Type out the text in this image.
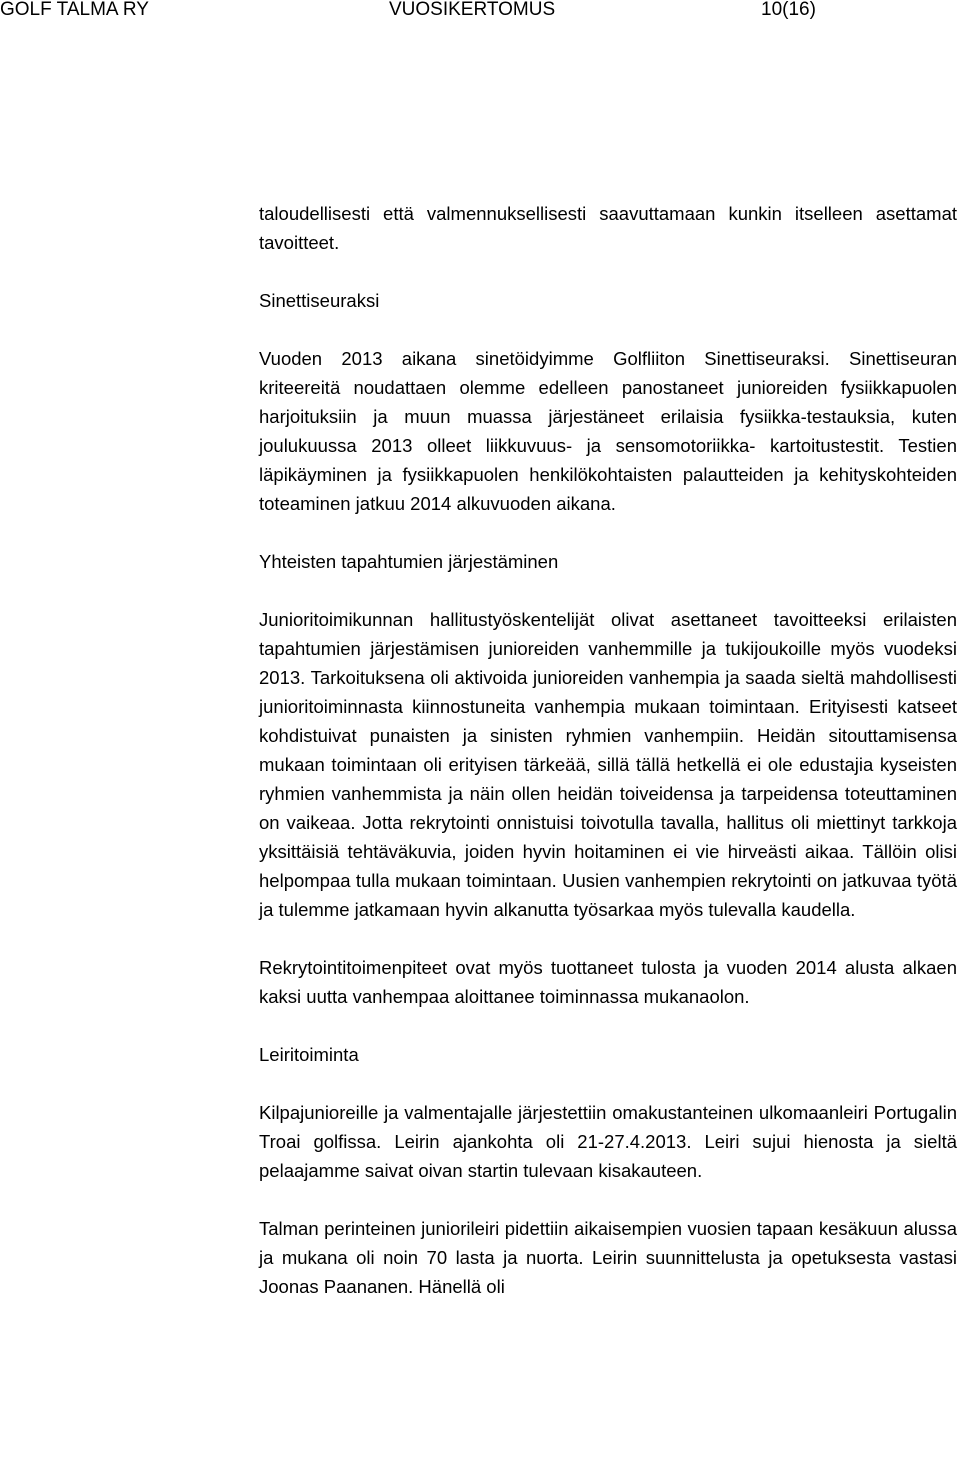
GOLF TALMA RY	VUOSIKERTOMUS	10(16)

taloudellisesti että valmennuksellisesti saavuttamaan kunkin itselleen asettamat tavoitteet.

Sinettiseuraksi

Vuoden 2013 aikana sinetöidyimme Golfliiton Sinettiseuraksi. Sinettiseuran kriteereitä noudattaen olemme edelleen panostaneet junioreiden fysiikkapuolen harjoituksiin ja muun muassa järjestäneet erilaisia fysiikka-testauksia, kuten joulukuussa 2013 olleet liikkuvuus- ja sensomotoriikka- kartoitustestit. Testien läpikäyminen ja fysiikkapuolen henkilökohtaisten palautteiden ja kehityskohteiden toteaminen jatkuu 2014 alkuvuoden aikana.

Yhteisten tapahtumien järjestäminen

Junioritoimikunnan hallitustyöskentelijät olivat asettaneet tavoitteeksi erilaisten tapahtumien järjestämisen junioreiden vanhemmille ja tukijoukoille myös vuodeksi 2013. Tarkoituksena oli aktivoida junioreiden vanhempia ja saada sieltä mahdollisesti junioritoiminnasta kiinnostuneita vanhempia mukaan toimintaan. Erityisesti katseet kohdistuivat punaisten ja sinisten ryhmien vanhempiin. Heidän sitouttamisensa mukaan toimintaan oli erityisen tärkeää, sillä tällä hetkellä ei ole edustajia kyseisten ryhmien vanhemmista ja näin ollen heidän toiveidensa ja tarpeidensa toteuttaminen on vaikeaa. Jotta rekrytointi onnistuisi toivotulla tavalla, hallitus oli miettinyt tarkkoja yksittäisiä tehtäväkuvia, joiden hyvin hoitaminen ei vie hirveästi aikaa. Tällöin olisi helpompaa tulla mukaan toimintaan. Uusien vanhempien rekrytointi on jatkuvaa työtä ja tulemme jatkamaan hyvin alkanutta työsarkaa myös tulevalla kaudella.

Rekrytointitoimenpiteet ovat myös tuottaneet tulosta ja vuoden 2014 alusta alkaen kaksi uutta vanhempaa aloittanee toiminnassa mukanaolon.

Leiritoiminta

Kilpajunioreille ja valmentajalle järjestettiin omakustanteinen ulkomaanleiri Portugalin Troai golfissa. Leirin ajankohta oli 21-27.4.2013. Leiri sujui hienosta ja sieltä pelaajamme saivat oivan startin tulevaan kisakauteen.

Talman perinteinen juniorileiri pidettiin aikaisempien vuosien tapaan kesäkuun alussa ja mukana oli noin 70 lasta ja nuorta. Leirin suunnittelusta ja opetuksesta vastasi Joonas Paananen. Hänellä oli
